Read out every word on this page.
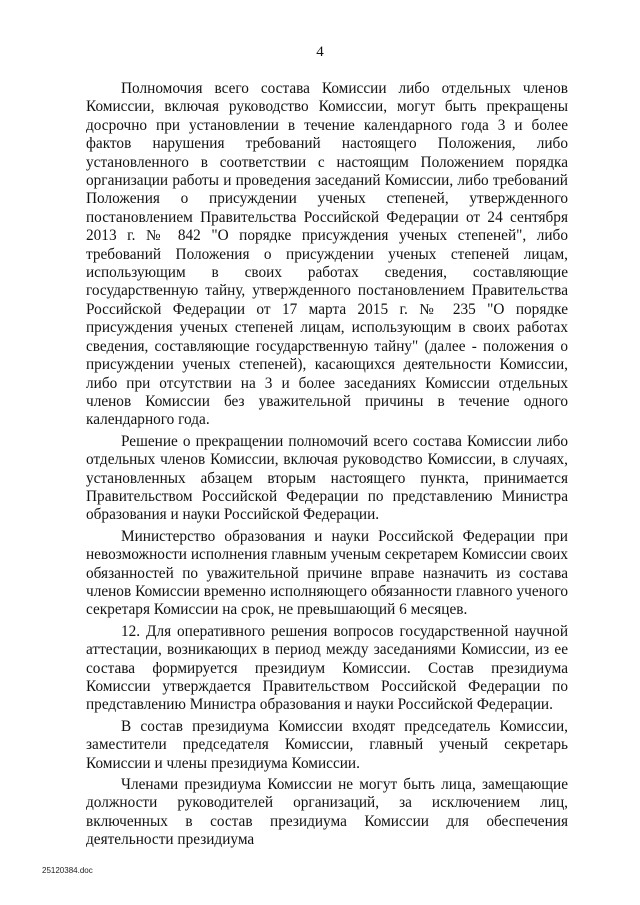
4

Полномочия всего состава Комиссии либо отдельных членов Комиссии, включая руководство Комиссии, могут быть прекращены досрочно при установлении в течение календарного года 3 и более фактов нарушения требований настоящего Положения, либо установленного в соответствии с настоящим Положением порядка организации работы и проведения заседаний Комиссии, либо требований Положения о присуждении ученых степеней, утвержденного постановлением Правительства Российской Федерации от 24 сентября 2013 г. № 842 "О порядке присуждения ученых степеней", либо требований Положения о присуждении ученых степеней лицам, использующим в своих работах сведения, составляющие государственную тайну, утвержденного постановлением Правительства Российской Федерации от 17 марта 2015 г. № 235 "О порядке присуждения ученых степеней лицам, использующим в своих работах сведения, составляющие государственную тайну" (далее - положения о присуждении ученых степеней), касающихся деятельности Комиссии, либо при отсутствии на 3 и более заседаниях Комиссии отдельных членов Комиссии без уважительной причины в течение одного календарного года.

Решение о прекращении полномочий всего состава Комиссии либо отдельных членов Комиссии, включая руководство Комиссии, в случаях, установленных абзацем вторым настоящего пункта, принимается Правительством Российской Федерации по представлению Министра образования и науки Российской Федерации.

Министерство образования и науки Российской Федерации при невозможности исполнения главным ученым секретарем Комиссии своих обязанностей по уважительной причине вправе назначить из состава членов Комиссии временно исполняющего обязанности главного ученого секретаря Комиссии на срок, не превышающий 6 месяцев.

12. Для оперативного решения вопросов государственной научной аттестации, возникающих в период между заседаниями Комиссии, из ее состава формируется президиум Комиссии. Состав президиума Комиссии утверждается Правительством Российской Федерации по представлению Министра образования и науки Российской Федерации.

В состав президиума Комиссии входят председатель Комиссии, заместители председателя Комиссии, главный ученый секретарь Комиссии и члены президиума Комиссии.

Членами президиума Комиссии не могут быть лица, замещающие должности руководителей организаций, за исключением лиц, включенных в состав президиума Комиссии для обеспечения деятельности президиума

25120384.doc
